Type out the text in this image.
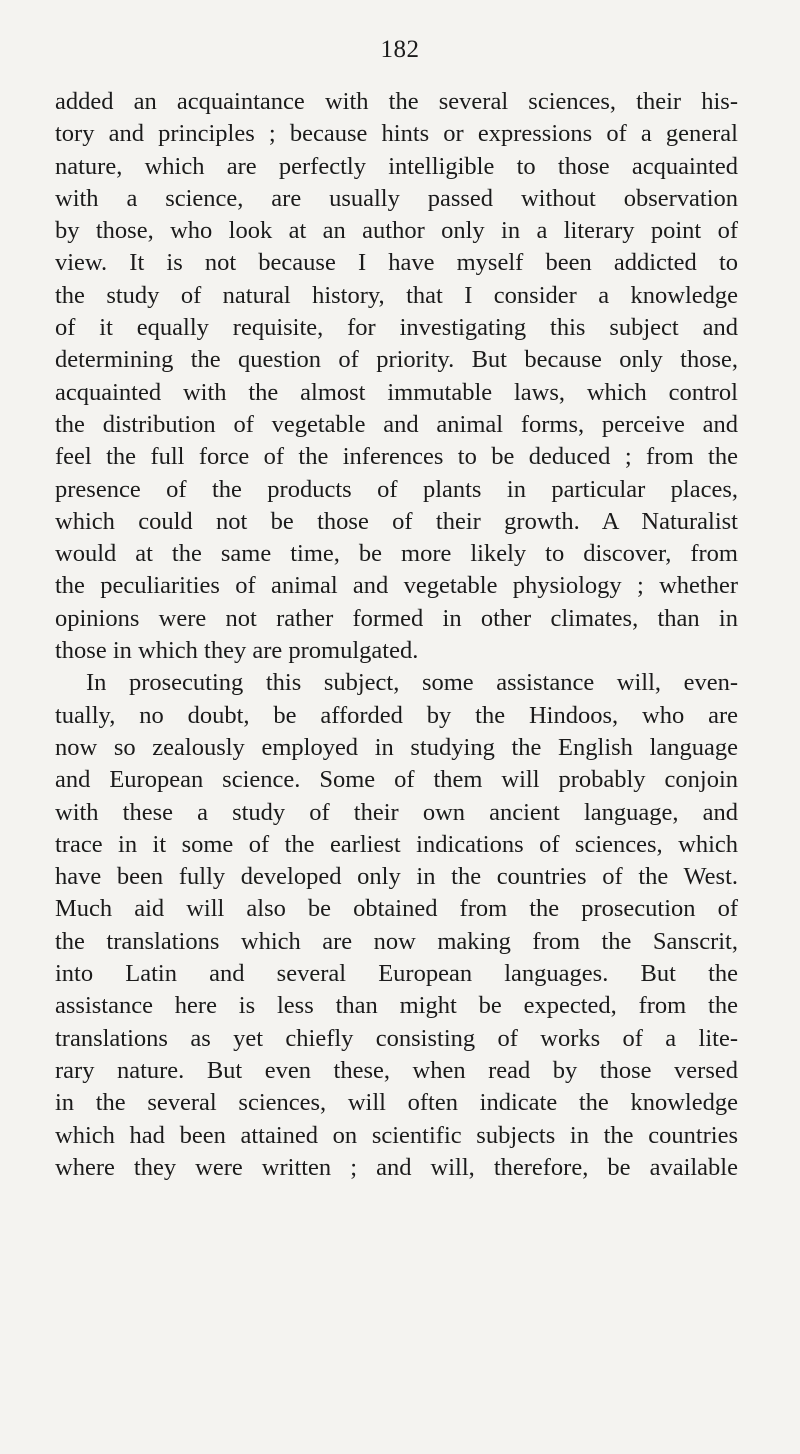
182
added an acquaintance with the several sciences, their his-
tory and principles ; because hints or expressions of a general
nature, which are perfectly intelligible to those acquainted
with a science, are usually passed without observation
by those, who look at an author only in a literary point of
view. It is not because I have myself been addicted to
the study of natural history, that I consider a knowledge
of it equally requisite, for investigating this subject and
determining the question of priority. But because only those,
acquainted with the almost immutable laws, which control
the distribution of vegetable and animal forms, perceive and
feel the full force of the inferences to be deduced ; from the
presence of the products of plants in particular places,
which could not be those of their growth. A Naturalist
would at the same time, be more likely to discover, from
the peculiarities of animal and vegetable physiology ; whether
opinions were not rather formed in other climates, than in
those in which they are promulgated.
In prosecuting this subject, some assistance will, even-
tually, no doubt, be afforded by the Hindoos, who are
now so zealously employed in studying the English language
and European science. Some of them will probably conjoin
with these a study of their own ancient language, and
trace in it some of the earliest indications of sciences, which
have been fully developed only in the countries of the West.
Much aid will also be obtained from the prosecution of
the translations which are now making from the Sanscrit,
into Latin and several European languages. But the
assistance here is less than might be expected, from the
translations as yet chiefly consisting of works of a lite-
rary nature. But even these, when read by those versed
in the several sciences, will often indicate the knowledge
which had been attained on scientific subjects in the countries
where they were written ; and will, therefore, be available
